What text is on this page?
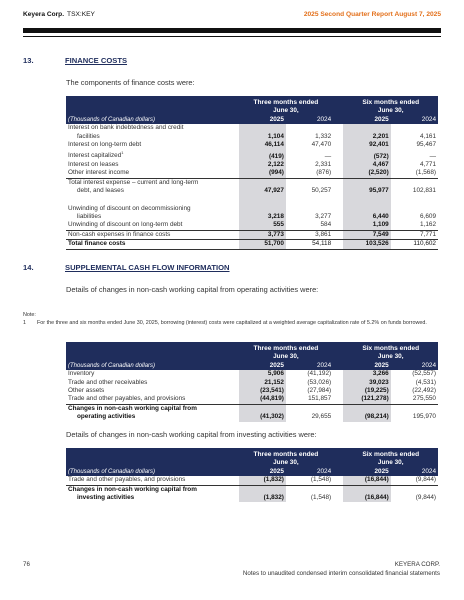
Keyera Corp. TSX:KEY	2025 Second Quarter Report August 7, 2025
13.	FINANCE COSTS
The components of finance costs were:
	Three months ended			Six months ended	
	June 30,			June 30,	
(Thousands of Canadian dollars)	2025	2024		2025	2024
Interest on bank indebtedness and credit
facilities	1,104	1,332		2,201	4,161
Interest on long-term debt	46,114	47,470		92,401	95,467
Interest capitalized$^1$	(419)	—		(572)	—
Interest on leases	2,122	2,331		4,467	4,771
Other interest income	(994)	(876)		(2,520)	(1,568)
Total interest expense – current and long-term
debt, and leases	47,927	50,257		95,977	102,831
Unwinding of discount on decommissioning
liabilities	3,218	3,277		6,440	6,609
Unwinding of discount on long-term debt	555	584		1,109	1,162
Non-cash expenses in finance costs	3,773	3,861		7,549	7,771
Total finance costs	51,700	54,118		103,526	110,602
Note:
1 For the three and six months ended June 30, 2025, borrowing (interest) costs were capitalized at a weighted average capitalization rate of 5.2% on funds borrowed.
14.	SUPPLEMENTAL CASH FLOW INFORMATION
Details of changes in non-cash working capital from operating activities were:
	Three months ended			Six months ended	
	June 30,			June 30,	
(Thousands of Canadian dollars)	2025	2024		2025	2024
Inventory	5,906	(41,192)		3,266	(52,557)
Trade and other receivables	21,152	(53,026)		39,023	(4,531)
Other assets	(23,541)	(27,984)		(19,225)	(22,492)
Trade and other payables, and provisions	(44,819)	151,857		(121,278)	275,550
Changes in non-cash working capital from
operating activities	(41,302)	29,655		(98,214)	195,970
Details of changes in non-cash working capital from investing activities were:
	Three months ended			Six months ended	
	June 30,			June 30,	
(Thousands of Canadian dollars)	2025	2024		2025	2024
Trade and other payables, and provisions	(1,832)	(1,548)		(16,844)	(9,844)
Changes in non-cash working capital from
investing activities	(1,832)	(1,548)		(16,844)	(9,844)
76	KEYERA CORP.
Notes to unaudited condensed interim consolidated financial statements
